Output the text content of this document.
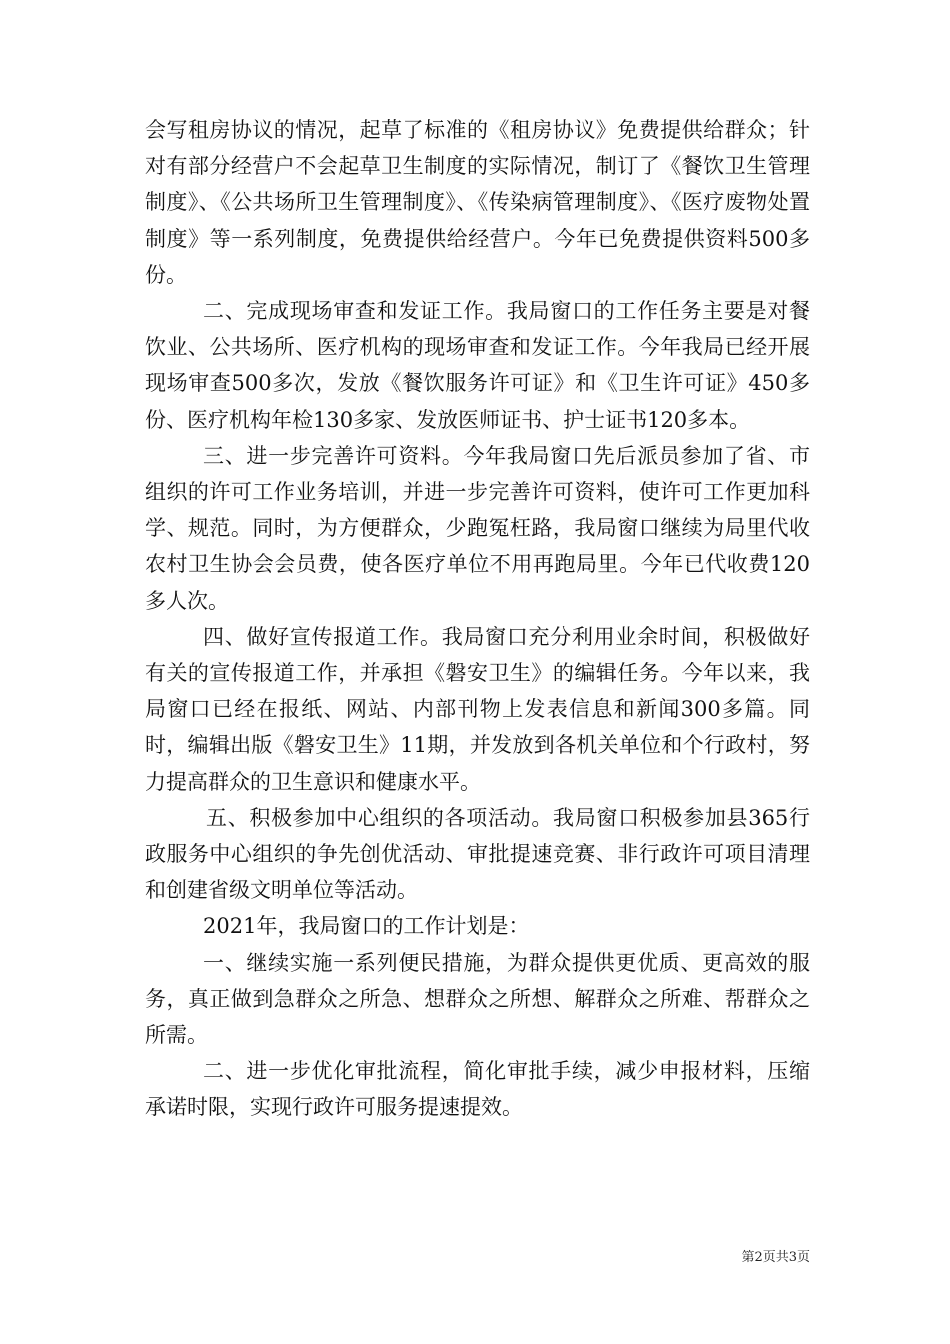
会写租房协议的情况，起草了标准的《租房协议》免费提供给群众；针对有部分经营户不会起草卫生制度的实际情况，制订了《餐饮卫生管理制度》、《公共场所卫生管理制度》、《传染病管理制度》、《医疗废物处置制度》等一系列制度，免费提供给经营户。今年已免费提供资料500多份。

二、完成现场审查和发证工作。我局窗口的工作任务主要是对餐饮业、公共场所、医疗机构的现场审查和发证工作。今年我局已经开展现场审查500多次，发放《餐饮服务许可证》和《卫生许可证》450多份、医疗机构年检130多家、发放医师证书、护士证书120多本。

三、进一步完善许可资料。今年我局窗口先后派员参加了省、市组织的许可工作业务培训，并进一步完善许可资料，使许可工作更加科学、规范。同时，为方便群众，少跑冤枉路，我局窗口继续为局里代收农村卫生协会会员费，使各医疗单位不用再跑局里。今年已代收费120多人次。

四、做好宣传报道工作。我局窗口充分利用业余时间，积极做好有关的宣传报道工作，并承担《磐安卫生》的编辑任务。今年以来，我局窗口已经在报纸、网站、内部刊物上发表信息和新闻300多篇。同时，编辑出版《磐安卫生》11期，并发放到各机关单位和个行政村，努力提高群众的卫生意识和健康水平。

五、积极参加中心组织的各项活动。我局窗口积极参加县365行政服务中心组织的争先创优活动、审批提速竞赛、非行政许可项目清理和创建省级文明单位等活动。

2021年，我局窗口的工作计划是：

一、继续实施一系列便民措施，为群众提供更优质、更高效的服务，真正做到急群众之所急、想群众之所想、解群众之所难、帮群众之所需。

二、进一步优化审批流程，简化审批手续，减少申报材料，压缩承诺时限，实现行政许可服务提速提效。

第2页共3页
